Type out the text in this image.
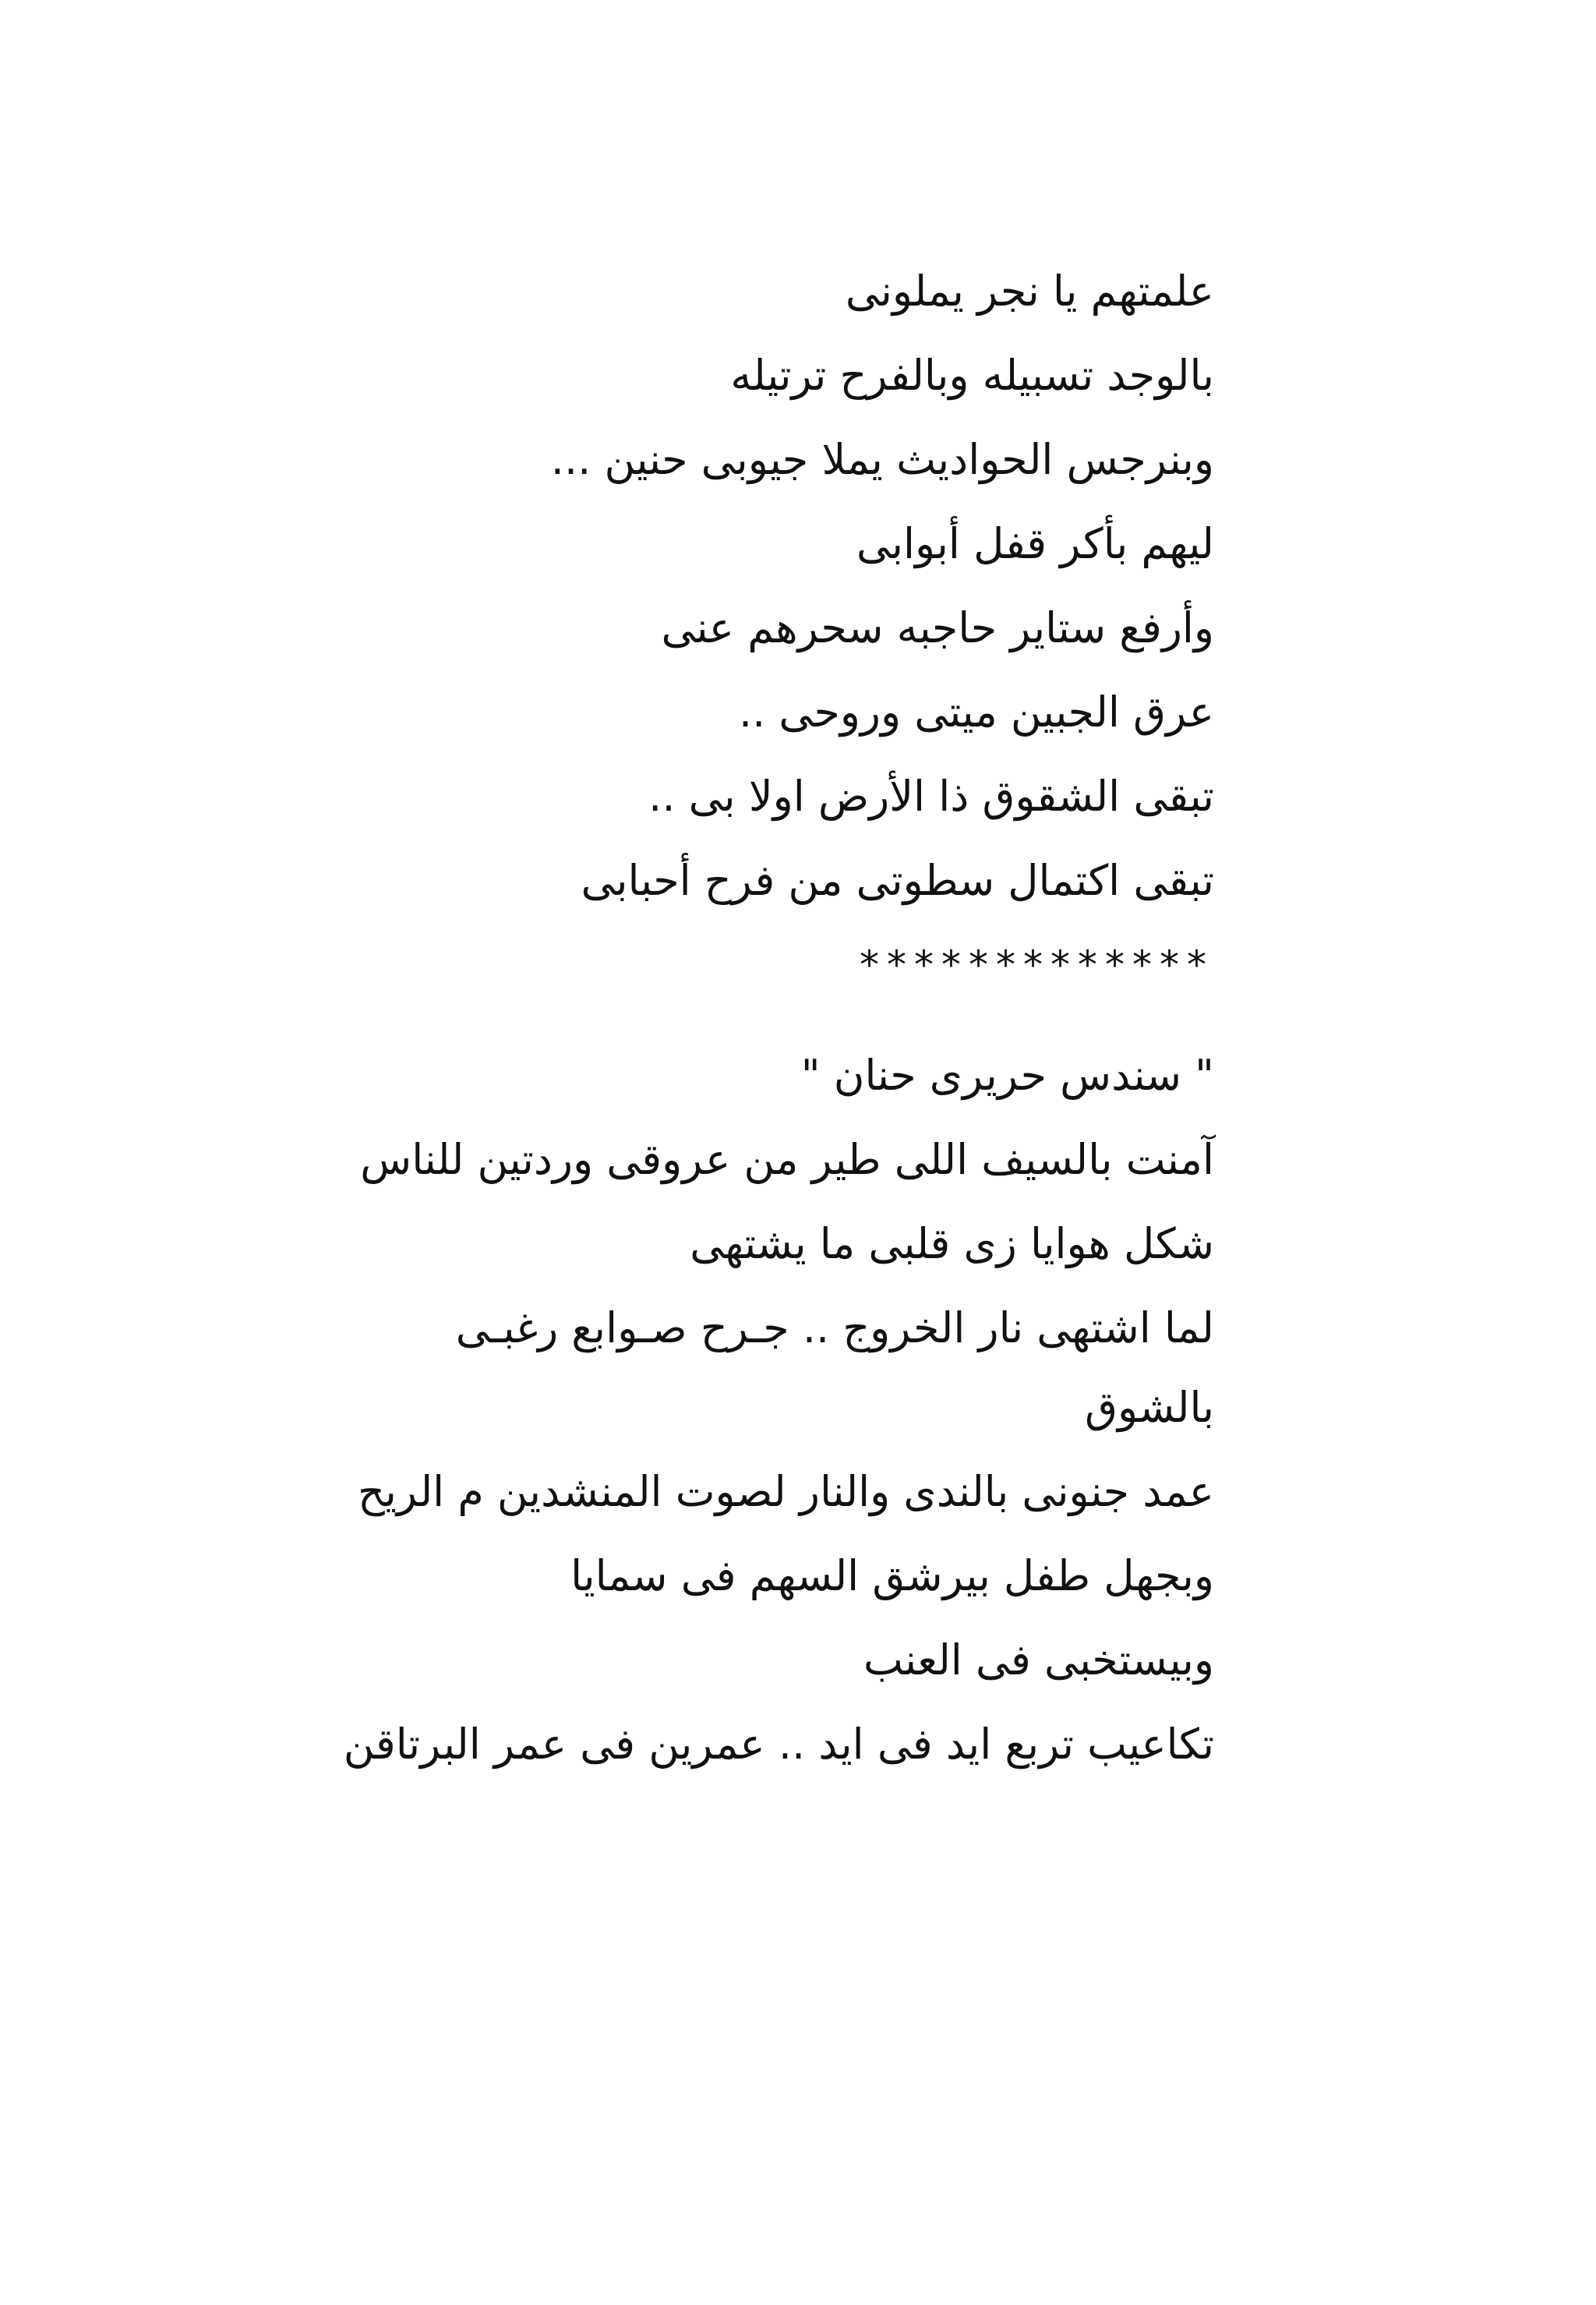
علمتهم يا نجر يملونى
بالوجد تسبيله وبالفرح ترتيله
وبنرجس الحواديث يملا جيوبى حنين ...
ليهم بأكر قفل أبوابى
وأرفع ستاير حاجبه سحرهم عنى
عرق الجبين ميتى وروحى ..
تبقى الشقوق ذا الأرض اولا بى ..
تبقى اكتمال سطوتى من فرح أحبابى
*************
" سندس حريرى حنان "
آمنت بالسيف اللى طير من عروقى وردتين للناس
شكل هوايا زى قلبى ما يشتهى
لما اشتهى نار الخروج .. جـرح صـوابع رغبـى
بالشوق
عمد جنونى بالندى والنار لصوت المنشدين م الريح
وبجهل طفل بيرشق السهم فى سمايا
وبيستخبى فى العنب
تكاعيب تربع ايد فى ايد .. عمرين فى عمر البرتاقن
